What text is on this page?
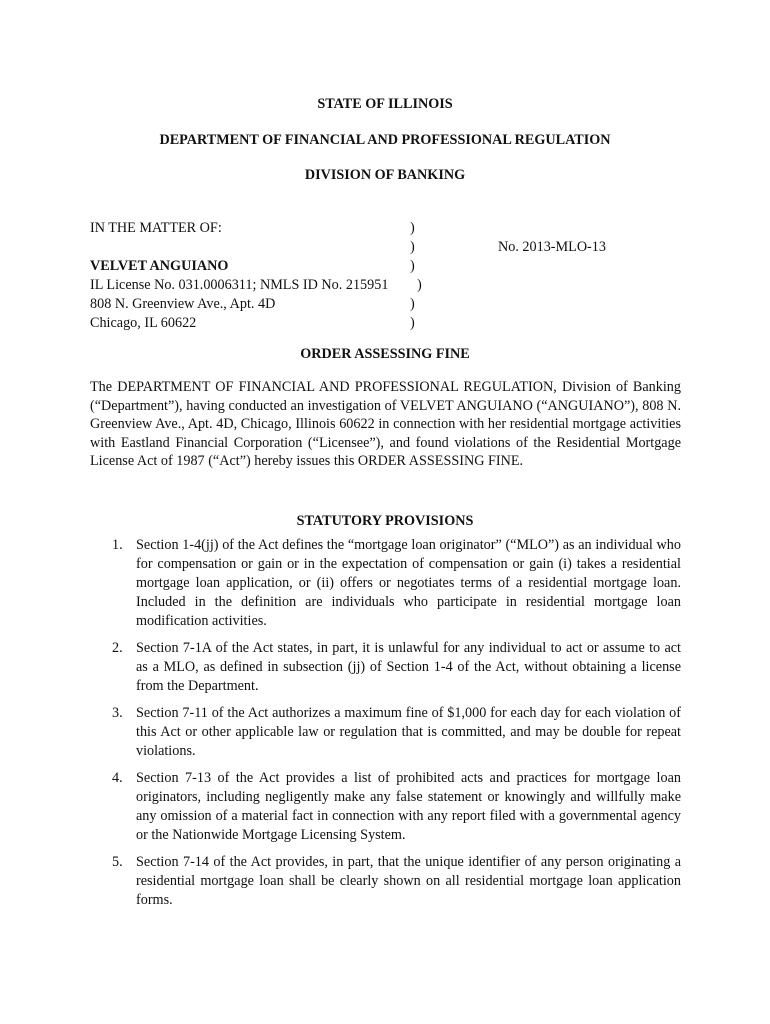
STATE OF ILLINOIS
DEPARTMENT OF FINANCIAL AND PROFESSIONAL REGULATION
DIVISION OF BANKING
IN THE MATTER OF:	)
)	No. 2013-MLO-13
VELVET ANGUIANO	)
IL License No. 031.0006311; NMLS ID No. 215951 )
808 N. Greenview Ave., Apt. 4D	)
Chicago, IL 60622	)
ORDER ASSESSING FINE
The DEPARTMENT OF FINANCIAL AND PROFESSIONAL REGULATION, Division of Banking (“Department”), having conducted an investigation of VELVET ANGUIANO (“ANGUIANO”), 808 N. Greenview Ave., Apt. 4D, Chicago, Illinois 60622 in connection with her residential mortgage activities with Eastland Financial Corporation (“Licensee”), and found violations of the Residential Mortgage License Act of 1987 (“Act”) hereby issues this ORDER ASSESSING FINE.
STATUTORY PROVISIONS
1. Section 1-4(jj) of the Act defines the “mortgage loan originator” (“MLO”) as an individual who for compensation or gain or in the expectation of compensation or gain (i) takes a residential mortgage loan application, or (ii) offers or negotiates terms of a residential mortgage loan. Included in the definition are individuals who participate in residential mortgage loan modification activities.
2. Section 7-1A of the Act states, in part, it is unlawful for any individual to act or assume to act as a MLO, as defined in subsection (jj) of Section 1-4 of the Act, without obtaining a license from the Department.
3. Section 7-11 of the Act authorizes a maximum fine of $1,000 for each day for each violation of this Act or other applicable law or regulation that is committed, and may be double for repeat violations.
4. Section 7-13 of the Act provides a list of prohibited acts and practices for mortgage loan originators, including negligently make any false statement or knowingly and willfully make any omission of a material fact in connection with any report filed with a governmental agency or the Nationwide Mortgage Licensing System.
5. Section 7-14 of the Act provides, in part, that the unique identifier of any person originating a residential mortgage loan shall be clearly shown on all residential mortgage loan application forms.
